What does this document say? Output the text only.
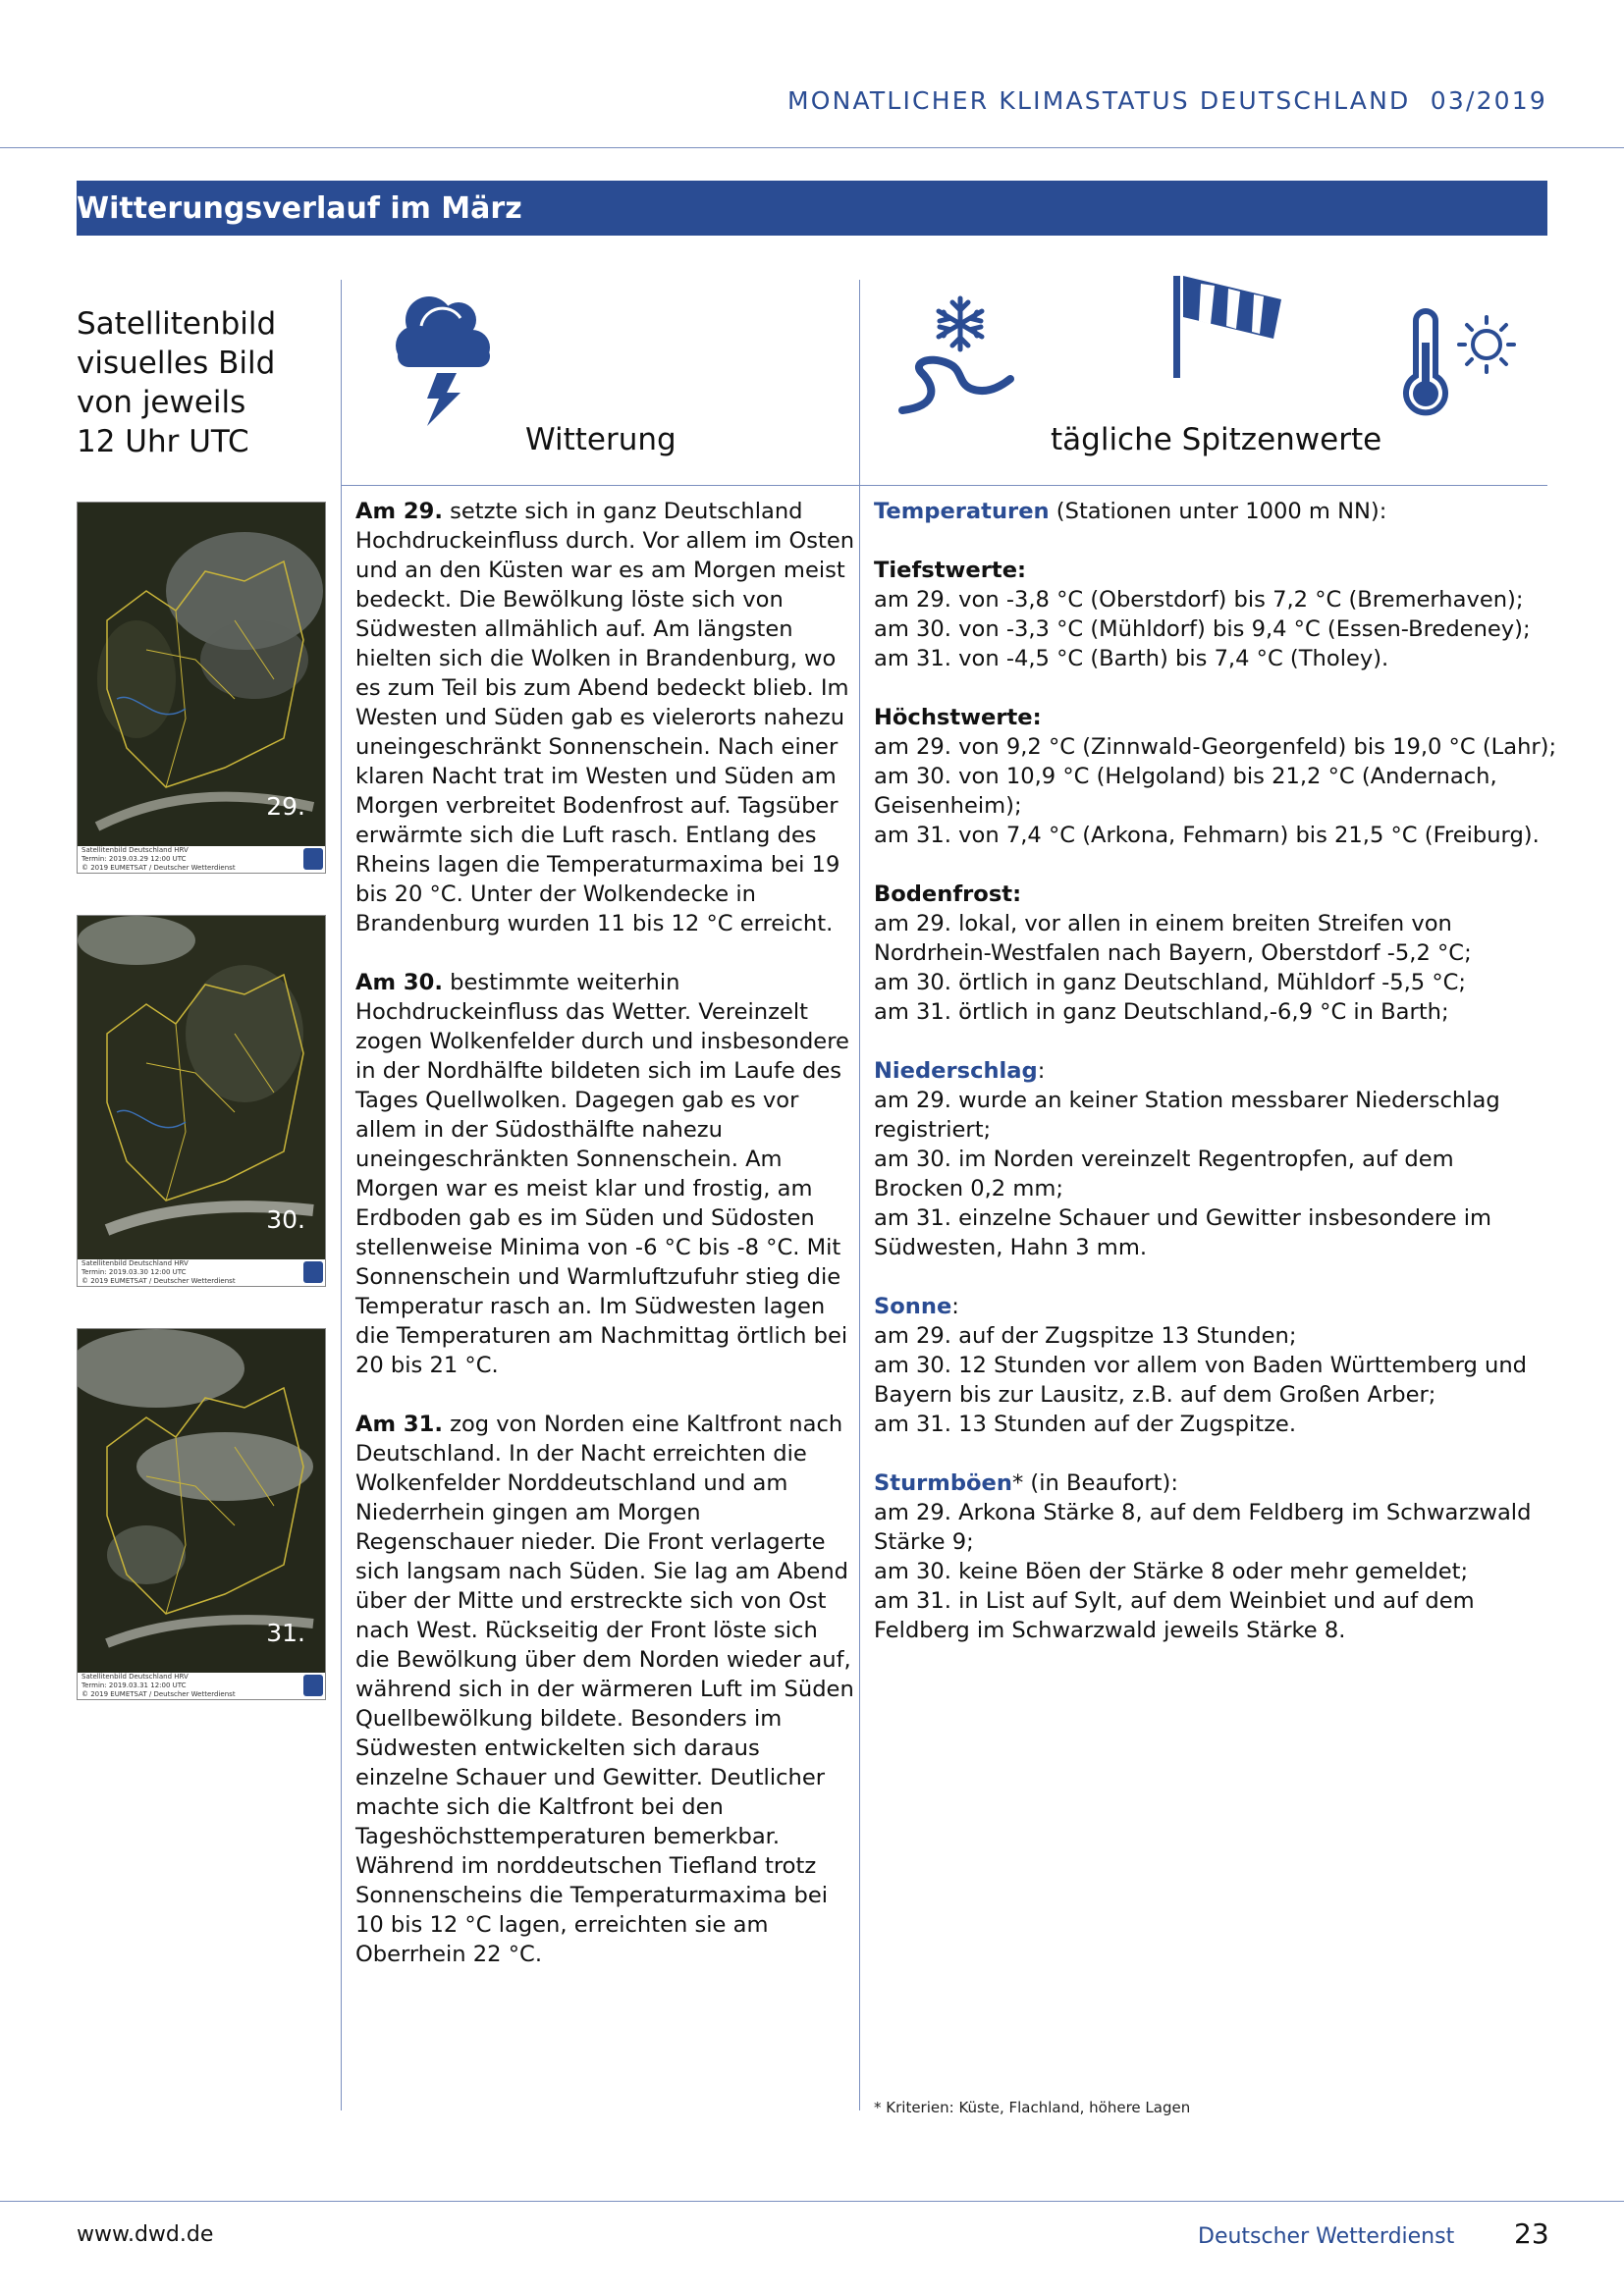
MONATLICHER KLIMASTATUS DEUTSCHLAND 03/2019
Witterungsverlauf im März
Satellitenbild
visuelles Bild
von jeweils
12 Uhr UTC	Witterung	tägliche Spitzenwerte
29.
Satellitenbild Deutschland HRV
Termin: 2019.03.29 12:00 UTC
© 2019 EUMETSAT / Deutscher Wetterdienst
30.
Satellitenbild Deutschland HRV
Termin: 2019.03.30 12:00 UTC
© 2019 EUMETSAT / Deutscher Wetterdienst
31.
Satellitenbild Deutschland HRV
Termin: 2019.03.31 12:00 UTC
© 2019 EUMETSAT / Deutscher Wetterdienst

Am 29. setzte sich in ganz Deutschland Hochdruckeinfluss durch. Vor allem im Osten und an den Küsten war es am Morgen meist bedeckt. Die Bewölkung löste sich von Südwesten allmählich auf. Am längsten hielten sich die Wolken in Brandenburg, wo es zum Teil bis zum Abend bedeckt blieb. Im Westen und Süden gab es vielerorts nahezu uneingeschränkt Sonnenschein. Nach einer klaren Nacht trat im Westen und Süden am Morgen verbreitet Bodenfrost auf. Tagsüber erwärmte sich die Luft rasch. Entlang des Rheins lagen die Temperaturmaxima bei 19 bis 20 °C. Unter der Wolkendecke in Brandenburg wurden 11 bis 12 °C erreicht.

Am 30. bestimmte weiterhin Hochdruckeinfluss das Wetter. Vereinzelt zogen Wolkenfelder durch und insbesondere in der Nordhälfte bildeten sich im Laufe des Tages Quellwolken. Dagegen gab es vor allem in der Südosthälfte nahezu uneingeschränkten Sonnenschein. Am Morgen war es meist klar und frostig, am Erdboden gab es im Süden und Südosten stellenweise Minima von -6 °C bis -8 °C. Mit Sonnenschein und Warmluftzufuhr stieg die Temperatur rasch an. Im Südwesten lagen die Temperaturen am Nachmittag örtlich bei 20 bis 21 °C.

Am 31. zog von Norden eine Kaltfront nach Deutschland. In der Nacht erreichten die Wolkenfelder Norddeutschland und am Niederrhein gingen am Morgen Regenschauer nieder. Die Front verlagerte sich langsam nach Süden. Sie lag am Abend über der Mitte und erstreckte sich von Ost nach West. Rückseitig der Front löste sich die Bewölkung über dem Norden wieder auf, während sich in der wärmeren Luft im Süden Quellbewölkung bildete. Besonders im Südwesten entwickelten sich daraus einzelne Schauer und Gewitter. Deutlicher machte sich die Kaltfront bei den Tageshöchsttemperaturen bemerkbar. Während im norddeutschen Tiefland trotz Sonnenscheins die Temperaturmaxima bei 10 bis 12 °C lagen, erreichten sie am Oberrhein 22 °C.

Temperaturen (Stationen unter 1000 m NN):
Tiefstwerte:
am 29. von -3,8 °C (Oberstdorf) bis 7,2 °C (Bremerhaven);
am 30. von -3,3 °C (Mühldorf) bis 9,4 °C (Essen-Bredeney);
am 31. von -4,5 °C (Barth) bis 7,4 °C (Tholey).
Höchstwerte:
am 29. von 9,2 °C (Zinnwald-Georgenfeld) bis 19,0 °C (Lahr);
am 30. von 10,9 °C (Helgoland) bis 21,2 °C (Andernach,
Geisenheim);
am 31. von 7,4 °C (Arkona, Fehmarn) bis 21,5 °C (Freiburg).
Bodenfrost:
am 29. lokal, vor allen in einem breiten Streifen von
Nordrhein-Westfalen nach Bayern, Oberstdorf -5,2 °C;
am 30. örtlich in ganz Deutschland, Mühldorf -5,5 °C;
am 31. örtlich in ganz Deutschland,-6,9 °C in Barth;
Niederschlag:
am 29. wurde an keiner Station messbarer Niederschlag
registriert;
am 30. im Norden vereinzelt Regentropfen, auf dem
Brocken 0,2 mm;
am 31. einzelne Schauer und Gewitter insbesondere im
Südwesten, Hahn 3 mm.
Sonne:
am 29. auf der Zugspitze 13 Stunden;
am 30. 12 Stunden vor allem von Baden Württemberg und
Bayern bis zur Lausitz, z.B. auf dem Großen Arber;
am 31. 13 Stunden auf der Zugspitze.
Sturmböen* (in Beaufort):
am 29. Arkona Stärke 8, auf dem Feldberg im Schwarzwald
Stärke 9;
am 30. keine Böen der Stärke 8 oder mehr gemeldet;
am 31. in List auf Sylt, auf dem Weinbiet und auf dem
Feldberg im Schwarzwald jeweils Stärke 8.
* Kriterien: Küste, Flachland, höhere Lagen
www.dwd.de	Deutscher Wetterdienst 23
